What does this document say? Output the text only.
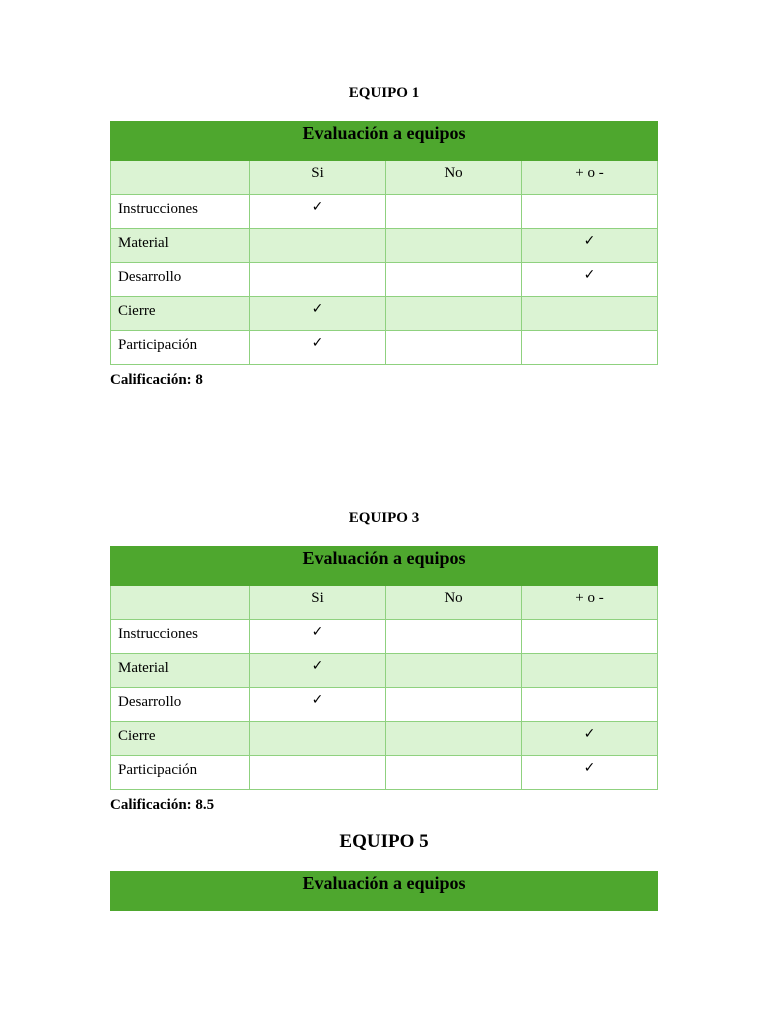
EQUIPO 1
Evaluación a equipos			
	Si	No	+ o -
Instrucciones	✓		
Material			✓
Desarrollo			✓
Cierre	✓		
Participación	✓		
Calificación: 8
EQUIPO 3
Evaluación a equipos			
	Si	No	+ o -
Instrucciones	✓		
Material	✓		
Desarrollo	✓		
Cierre			✓
Participación			✓
Calificación: 8.5
EQUIPO 5
Evaluación a equipos
